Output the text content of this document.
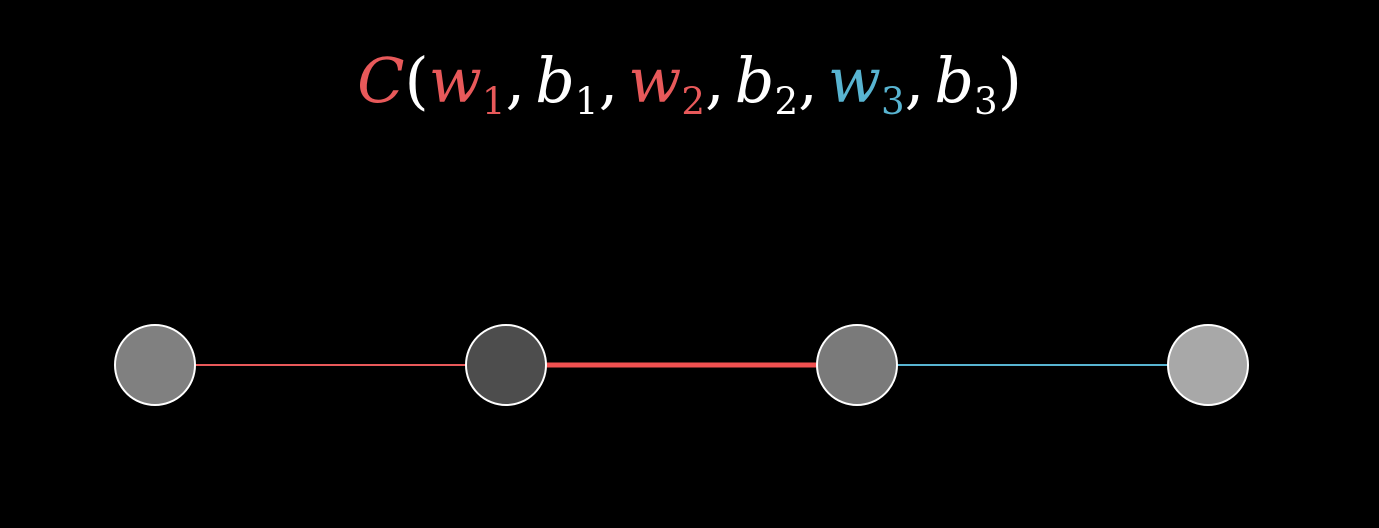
C(w1, b1, w2, b2, w3, b3)
